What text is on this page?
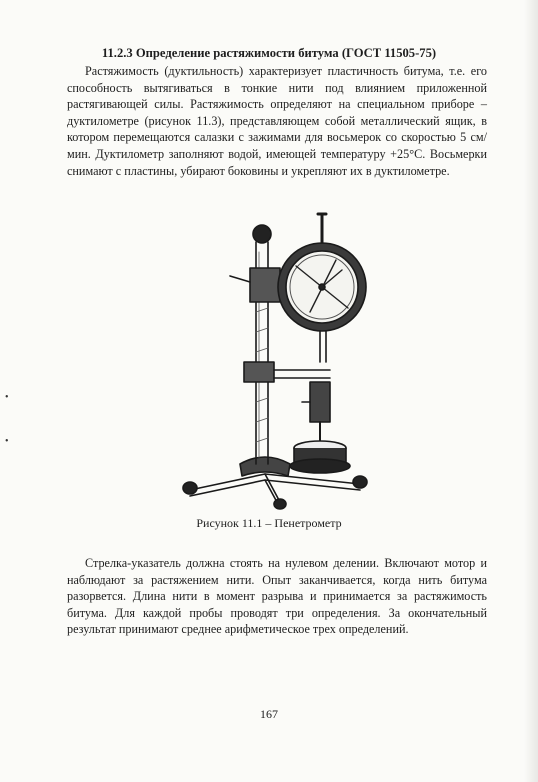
11.2.3 Определение растяжимости битума (ГОСТ 11505-75)
Растяжимость (дуктильность) характеризует пластичность битума, т.е. его способность вытягиваться в тонкие нити под влиянием приложенной растягивающей силы. Растяжимость определяют на специальном приборе – дуктилометре (рисунок 11.3), представляющем собой металлический ящик, в котором перемещаются салазки с зажимами для восьмерок со скоростью 5 см/мин. Дуктилометр заполняют водой, имеющей температуру +25°С. Восьмерки снимают с пластины, убирают боковины и укрепляют их в дуктилометре.
Рисунок 11.1 – Пенетрометр
Стрелка-указатель должна стоять на нулевом делении. Включают мотор и наблюдают за растяжением нити. Опыт заканчивается, когда нить битума разорвется. Длина нити в момент разрыва и принимается за растяжимость битума. Для каждой пробы проводят три определения. За окончательный результат принимают среднее арифметическое трех определений.
167
•
•
